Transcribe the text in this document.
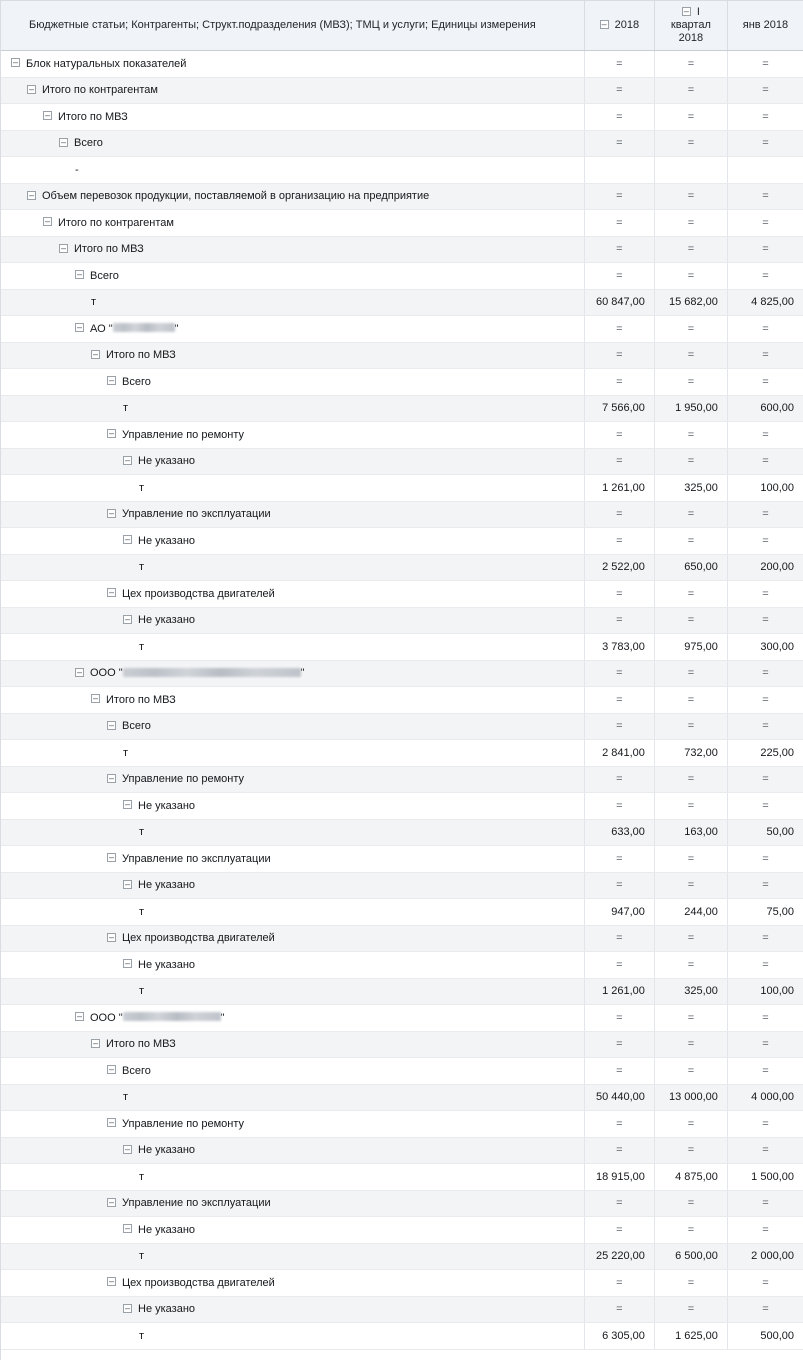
Бюджетные статьи; Контрагенты; Структ.подразделения (МВЗ); ТМЦ и услуги; Единицы измерения	–2018	–I
квартал 2018	янв 2018
–Блок натуральных показателей	=	=	=
–Итого по контрагентам	=	=	=
–Итого по МВЗ	=	=	=
–Всего	=	=	=
-			
–Объем перевозок продукции, поставляемой в организацию на предприятие	=	=	=
–Итого по контрагентам	=	=	=
–Итого по МВЗ	=	=	=
–Всего	=	=	=
т	60 847,00	15 682,00	4 825,00
–АО " "	=	=	=
–Итого по МВЗ	=	=	=
–Всего	=	=	=
т	7 566,00	1 950,00	600,00
–Управление по ремонту	=	=	=
–Не указано	=	=	=
т	1 261,00	325,00	100,00
–Управление по эксплуатации	=	=	=
–Не указано	=	=	=
т	2 522,00	650,00	200,00
–Цех производства двигателей	=	=	=
–Не указано	=	=	=
т	3 783,00	975,00	300,00
–ООО " "	=	=	=
–Итого по МВЗ	=	=	=
–Всего	=	=	=
т	2 841,00	732,00	225,00
–Управление по ремонту	=	=	=
–Не указано	=	=	=
т	633,00	163,00	50,00
–Управление по эксплуатации	=	=	=
–Не указано	=	=	=
т	947,00	244,00	75,00
–Цех производства двигателей	=	=	=
–Не указано	=	=	=
т	1 261,00	325,00	100,00
–ООО " "	=	=	=
–Итого по МВЗ	=	=	=
–Всего	=	=	=
т	50 440,00	13 000,00	4 000,00
–Управление по ремонту	=	=	=
–Не указано	=	=	=
т	18 915,00	4 875,00	1 500,00
–Управление по эксплуатации	=	=	=
–Не указано	=	=	=
т	25 220,00	6 500,00	2 000,00
–Цех производства двигателей	=	=	=
–Не указано	=	=	=
т	6 305,00	1 625,00	500,00
